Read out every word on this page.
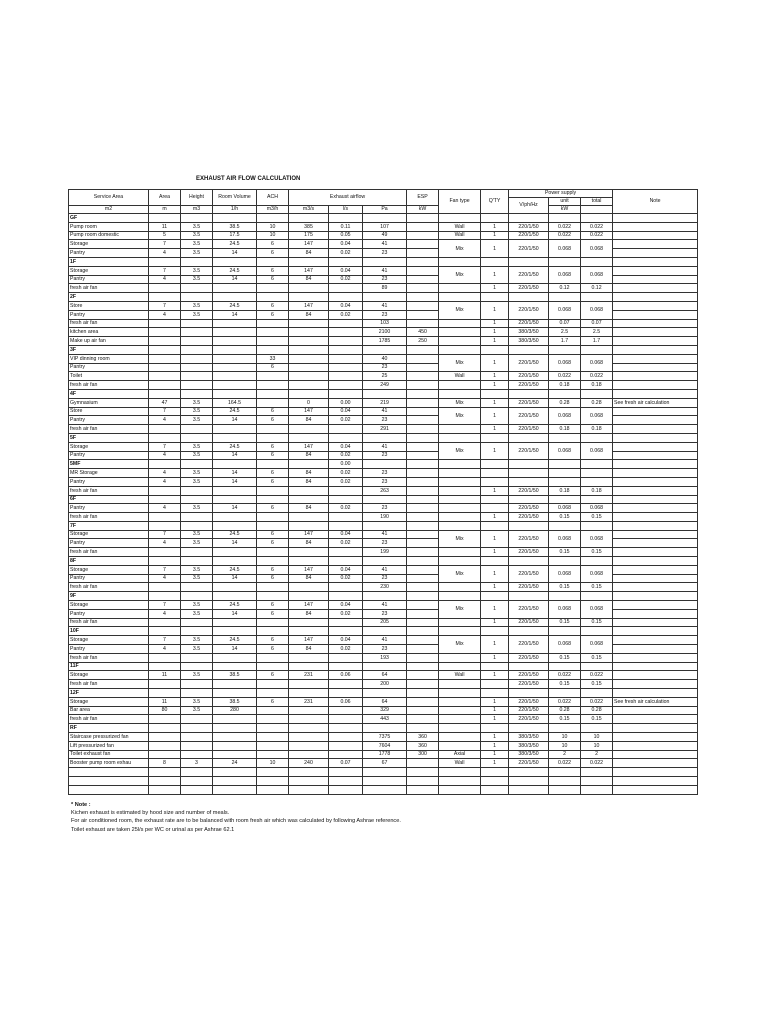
EXHAUST AIR FLOW CALCULATION
Service Area	Area	Height	Room Volume	ACH	Exhaust airflow			ESP	Fan type	Q'TY	Power supply			Note
											V/ph/Hz	unit	total	
m2	m	m3	1/h	m3/h	m3/s	l/s	Pa	kW				kW		
GF														
Pump room	11	3.5	38.5	10	385	0.11	107		Wall	1	220/1/50	0.022	0.022	
Pump room domestic	5	3.5	17.5	10	175	0.05	49		Wall	1	220/1/50	0.022	0.022	
Storage	7	3.5	24.5	6	147	0.04	41		Mix	1	220/1/50	0.068	0.068	
Pantry	4	3.5	14	6	84	0.02	23							
1F														
Storage	7	3.5	24.5	6	147	0.04	41		Mix	1	220/1/50	0.068	0.068	
Pantry	4	3.5	14	6	84	0.02	23							
fresh air fan							89			1	220/1/50	0.12	0.12	
2F														
Store	7	3.5	24.5	6	147	0.04	41		Mix	1	220/1/50	0.068	0.068	
Pantry	4	3.5	14	6	84	0.02	23							
fresh air fan							103			1	220/1/50	0.07	0.07	
kitchen area							2100	450		1	380/3/50	2.5	2.5	
Make up air fan							1785	250		1	380/3/50	1.7	1.7	
3F														
VIP dinning room				33			40		Mix	1	220/1/50	0.068	0.068	
Pantry				6			23							
Toilet							25		Wall	1	220/1/50	0.022	0.022	
fresh air fan							249			1	220/1/50	0.18	0.18	
4F														
Gymnasium	47	3.5	164.5		0	0.00	219		Mix	1	220/1/50	0.28	0.28	See fresh air calculation
Store	7	3.5	24.5	6	147	0.04	41		Mix	1	220/1/50	0.068	0.068	
Pantry	4	3.5	14	6	84	0.02	23							
fresh air fan							291			1	220/1/50	0.18	0.18	
5F														
Storage	7	3.5	24.5	6	147	0.04	41		Mix	1	220/1/50	0.068	0.068	
Pantry	4	3.5	14	6	84	0.02	23							
5MF						0.00								
MR Storage	4	3.5	14	6	84	0.02	23							
Pantry	4	3.5	14	6	84	0.02	23							
fresh air fan							263			1	220/1/50	0.18	0.18	
6F														
Pantry	4	3.5	14	6	84	0.02	23				220/1/50	0.068	0.068	
fresh air fan							190			1	220/1/50	0.15	0.15	
7F														
Storage	7	3.5	24.5	6	147	0.04	41		Mix	1	220/1/50	0.068	0.068	
Pantry	4	3.5	14	6	84	0.02	23							
fresh air fan							199			1	220/1/50	0.15	0.15	
8F														
Storage	7	3.5	24.5	6	147	0.04	41		Mix	1	220/1/50	0.068	0.068	
Pantry	4	3.5	14	6	84	0.02	23							
fresh air fan							230			1	220/1/50	0.15	0.15	
9F														
Storage	7	3.5	24.5	6	147	0.04	41		Mix	1	220/1/50	0.068	0.068	
Pantry	4	3.5	14	6	84	0.02	23							
fresh air fan							205			1	220/1/50	0.15	0.15	
10F														
Storage	7	3.5	24.5	6	147	0.04	41		Mix	1	220/1/50	0.068	0.068	
Pantry	4	3.5	14	6	84	0.02	23							
fresh air fan							193			1	220/1/50	0.15	0.15	
11F														
Storage	11	3.5	38.5	6	231	0.06	64		Wall	1	220/1/50	0.022	0.022	
fresh air fan							200				220/1/50	0.15	0.15	
12F														
Storage	11	3.5	38.5	6	231	0.06	64			1	220/1/50	0.022	0.022	See fresh air calculation
Bar area	80	3.5	280				329			1	220/1/50	0.28	0.28	
fresh air fan							443			1	220/1/50	0.15	0.15	
RF														
Staircase pressurized fan							7375	360		1	380/3/50	10	10	
Lift pressurized fan							7604	360		1	380/3/50	10	10	
Toilet exhaust fan							1778	300	Axial	1	380/3/50	2	2	
Booster pump room exhau	8	3	24	10	240	0.07	67		Wall	1	220/1/50	0.022	0.022	

* Note :
Kichen exhaust is estimated by hood size and number of meals.
For air conditioned room, the exhaust rate are to be balanced with room fresh air which was calculated by following Ashrae reference.
Toilet exhaust are taken 25l/s per WC or urinal as per Ashrae 62.1
